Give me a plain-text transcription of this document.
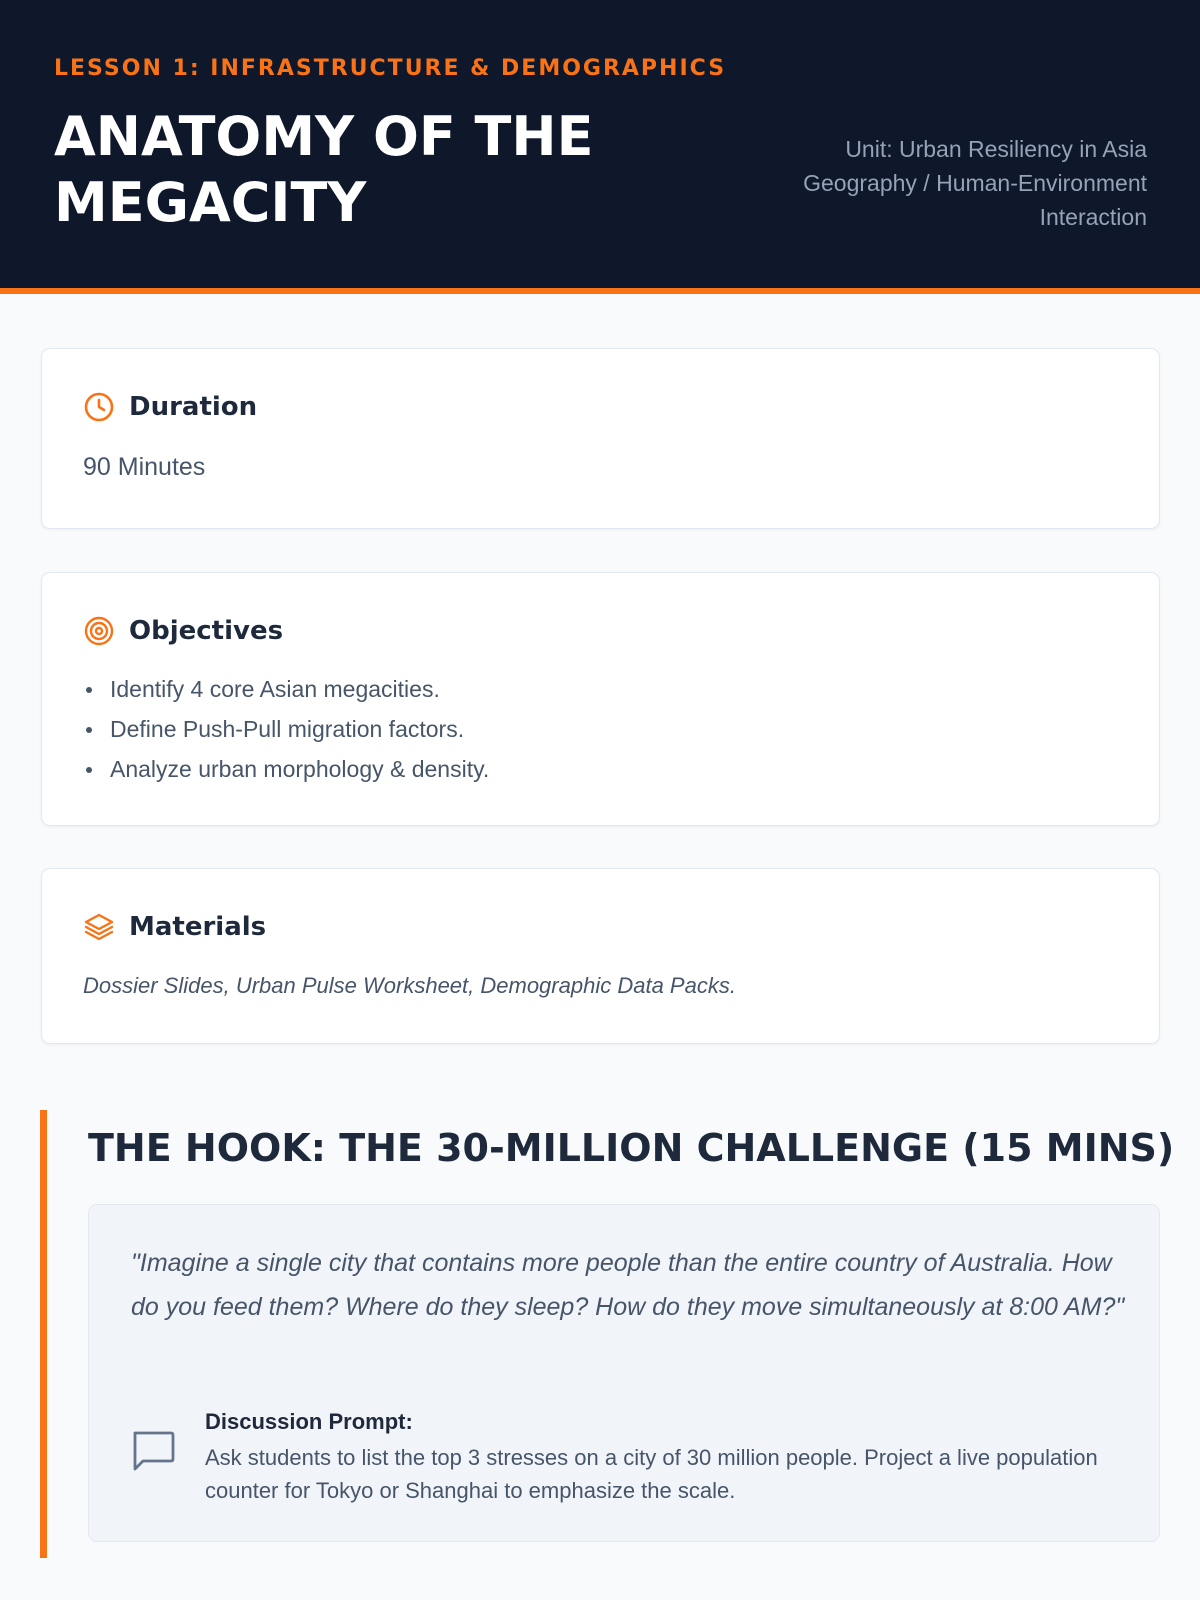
LESSON 1: INFRASTRUCTURE & DEMOGRAPHICS
ANATOMY OF THE MEGACITY
Unit: Urban Resiliency in Asia
Geography / Human-Environment
Interaction
Duration
90 Minutes
Objectives
Identify 4 core Asian megacities.
Define Push-Pull migration factors.
Analyze urban morphology & density.
Materials
Dossier Slides, Urban Pulse Worksheet, Demographic Data Packs.
THE HOOK: THE 30-MILLION CHALLENGE (15 MINS)
"Imagine a single city that contains more people than the entire country of Australia. How do you feed them? Where do they sleep? How do they move simultaneously at 8:00 AM?"
Discussion Prompt:
Ask students to list the top 3 stresses on a city of 30 million people. Project a live population counter for Tokyo or Shanghai to emphasize the scale.
